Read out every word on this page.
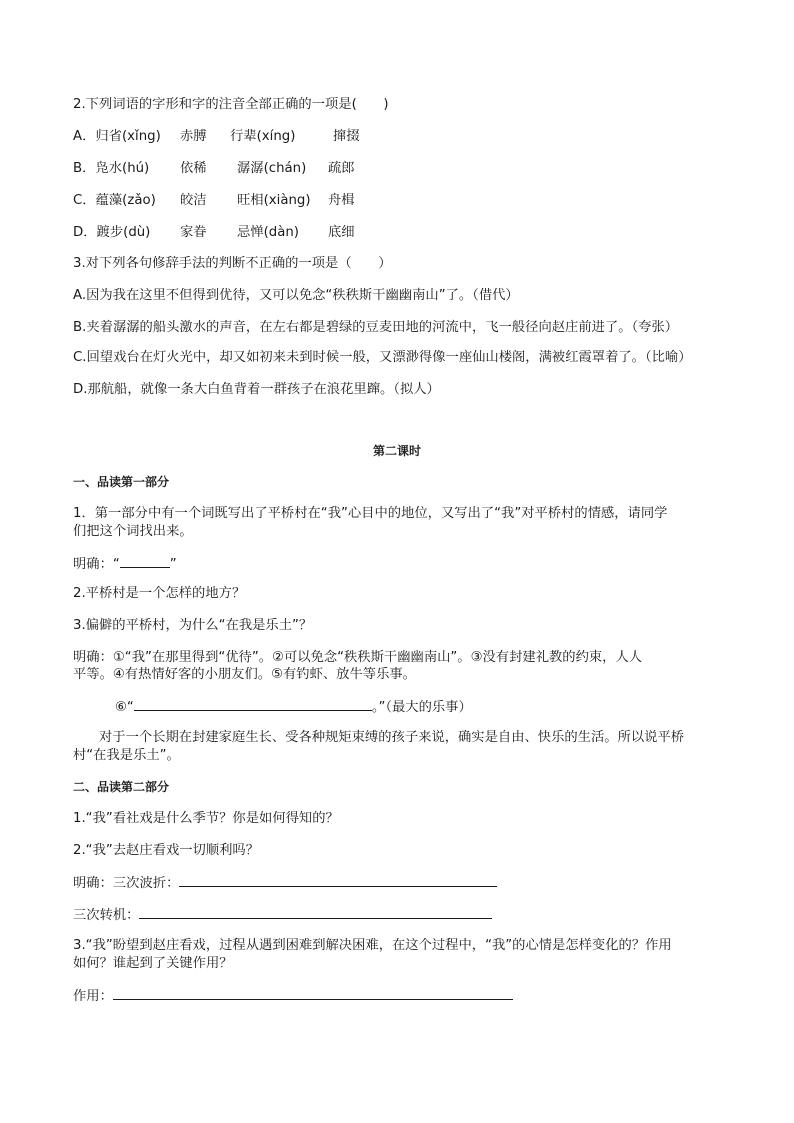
2.下列词语的字形和字的注音全部正确的一项是(　　)
A．归省(xǐng) 赤膊 行辈(xíng)	撺掇
B．凫水(hú) 依稀 潺潺(chán) 疏郎
C．蕴藻(zǎo) 皎洁 旺相(xiàng) 舟楫
D．踱步(dù) 家眷 忌惮(dàn) 底细
3.对下列各句修辞手法的判断不正确的一项是（　　）
A.因为我在这里不但得到优待，又可以免念“秩秩斯干幽幽南山”了。（借代）
B.夹着潺潺的船头激水的声音，在左右都是碧绿的豆麦田地的河流中，飞一般径向赵庄前进了。（夸张）
C.回望戏台在灯火光中，却又如初来未到时候一般，又漂渺得像一座仙山楼阁，满被红霞罩着了。（比喻）
D.那航船，就像一条大白鱼背着一群孩子在浪花里蹿。（拟人）
第二课时
一、品读第一部分
1．第一部分中有一个词既写出了平桥村在“我”心目中的地位，又写出了“我”对平桥村的情感，请同学
们把这个词找出来。
明确：“	”
2.平桥村是一个怎样的地方？
3.偏僻的平桥村，为什么“在我是乐土”？
明确：①“我”在那里得到“优待”。②可以免念“秩秩斯干幽幽南山”。③没有封建礼教的约束，人人
平等。④有热情好客的小朋友们。⑤有钓虾、放牛等乐事。
⑥“	。”（最大的乐事）
对于一个长期在封建家庭生长、受各种规矩束缚的孩子来说，确实是自由、快乐的生活。所以说平桥
村“在我是乐土”。
二、品读第二部分
1.“我”看社戏是什么季节？你是如何得知的？
2.“我”去赵庄看戏一切顺利吗？
明确：三次波折：
三次转机：
3.“我”盼望到赵庄看戏，过程从遇到困难到解决困难，在这个过程中，“我”的心情是怎样变化的？作用
如何？谁起到了关键作用？
作用：
